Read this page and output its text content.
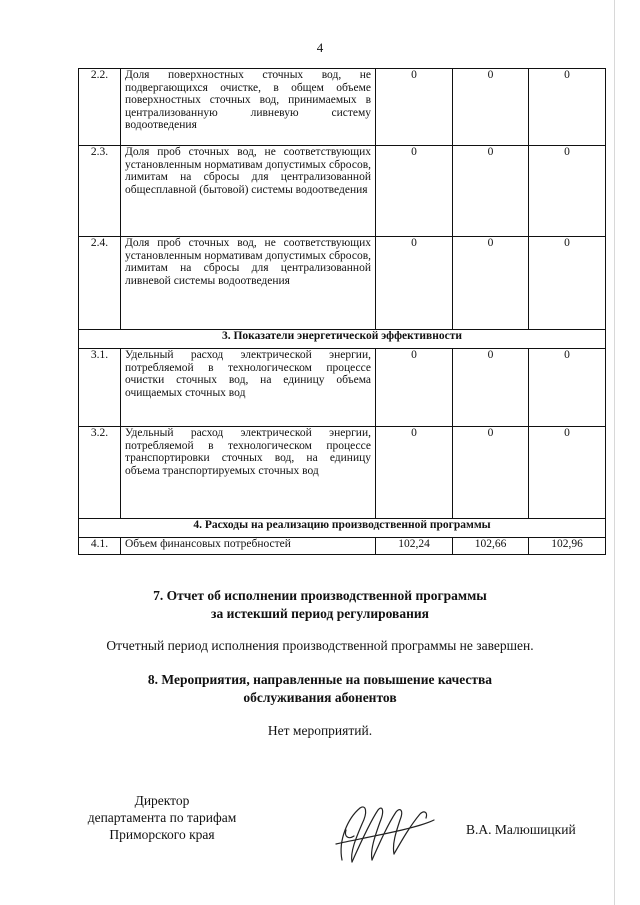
4
2.2.	Доля поверхностных сточных вод, не подвергающихся очистке, в общем объеме поверхностных сточных вод, принимаемых в централизованную ливневую систему водоотведения	0	0	0
2.3.	Доля проб сточных вод, не соответствующих установленным нормативам допустимых сбросов, лимитам на сбросы для централизованной общесплавной (бытовой) системы водоотведения	0	0	0
2.4.	Доля проб сточных вод, не соответствующих установленным нормативам допустимых сбросов, лимитам на сбросы для централизованной ливневой системы водоотведения	0	0	0
3. Показатели энергетической эффективности				
3.1.	Удельный расход электрической энергии, потребляемой в технологическом процессе очистки сточных вод, на единицу объема очищаемых сточных вод	0	0	0
3.2.	Удельный расход электрической энергии, потребляемой в технологическом процессе транспортировки сточных вод, на единицу объема транспортируемых сточных вод	0	0	0
4. Расходы на реализацию производственной программы				
4.1.	Объем финансовых потребностей	102,24	102,66	102,96
7. Отчет об исполнении производственной программы
за истекший период регулирования
Отчетный период исполнения производственной программы не завершен.
8. Мероприятия, направленные на повышение качества
обслуживания абонентов
Нет мероприятий.
Директор
департамента по тарифам
Приморского края	В.А. Малюшицкий
